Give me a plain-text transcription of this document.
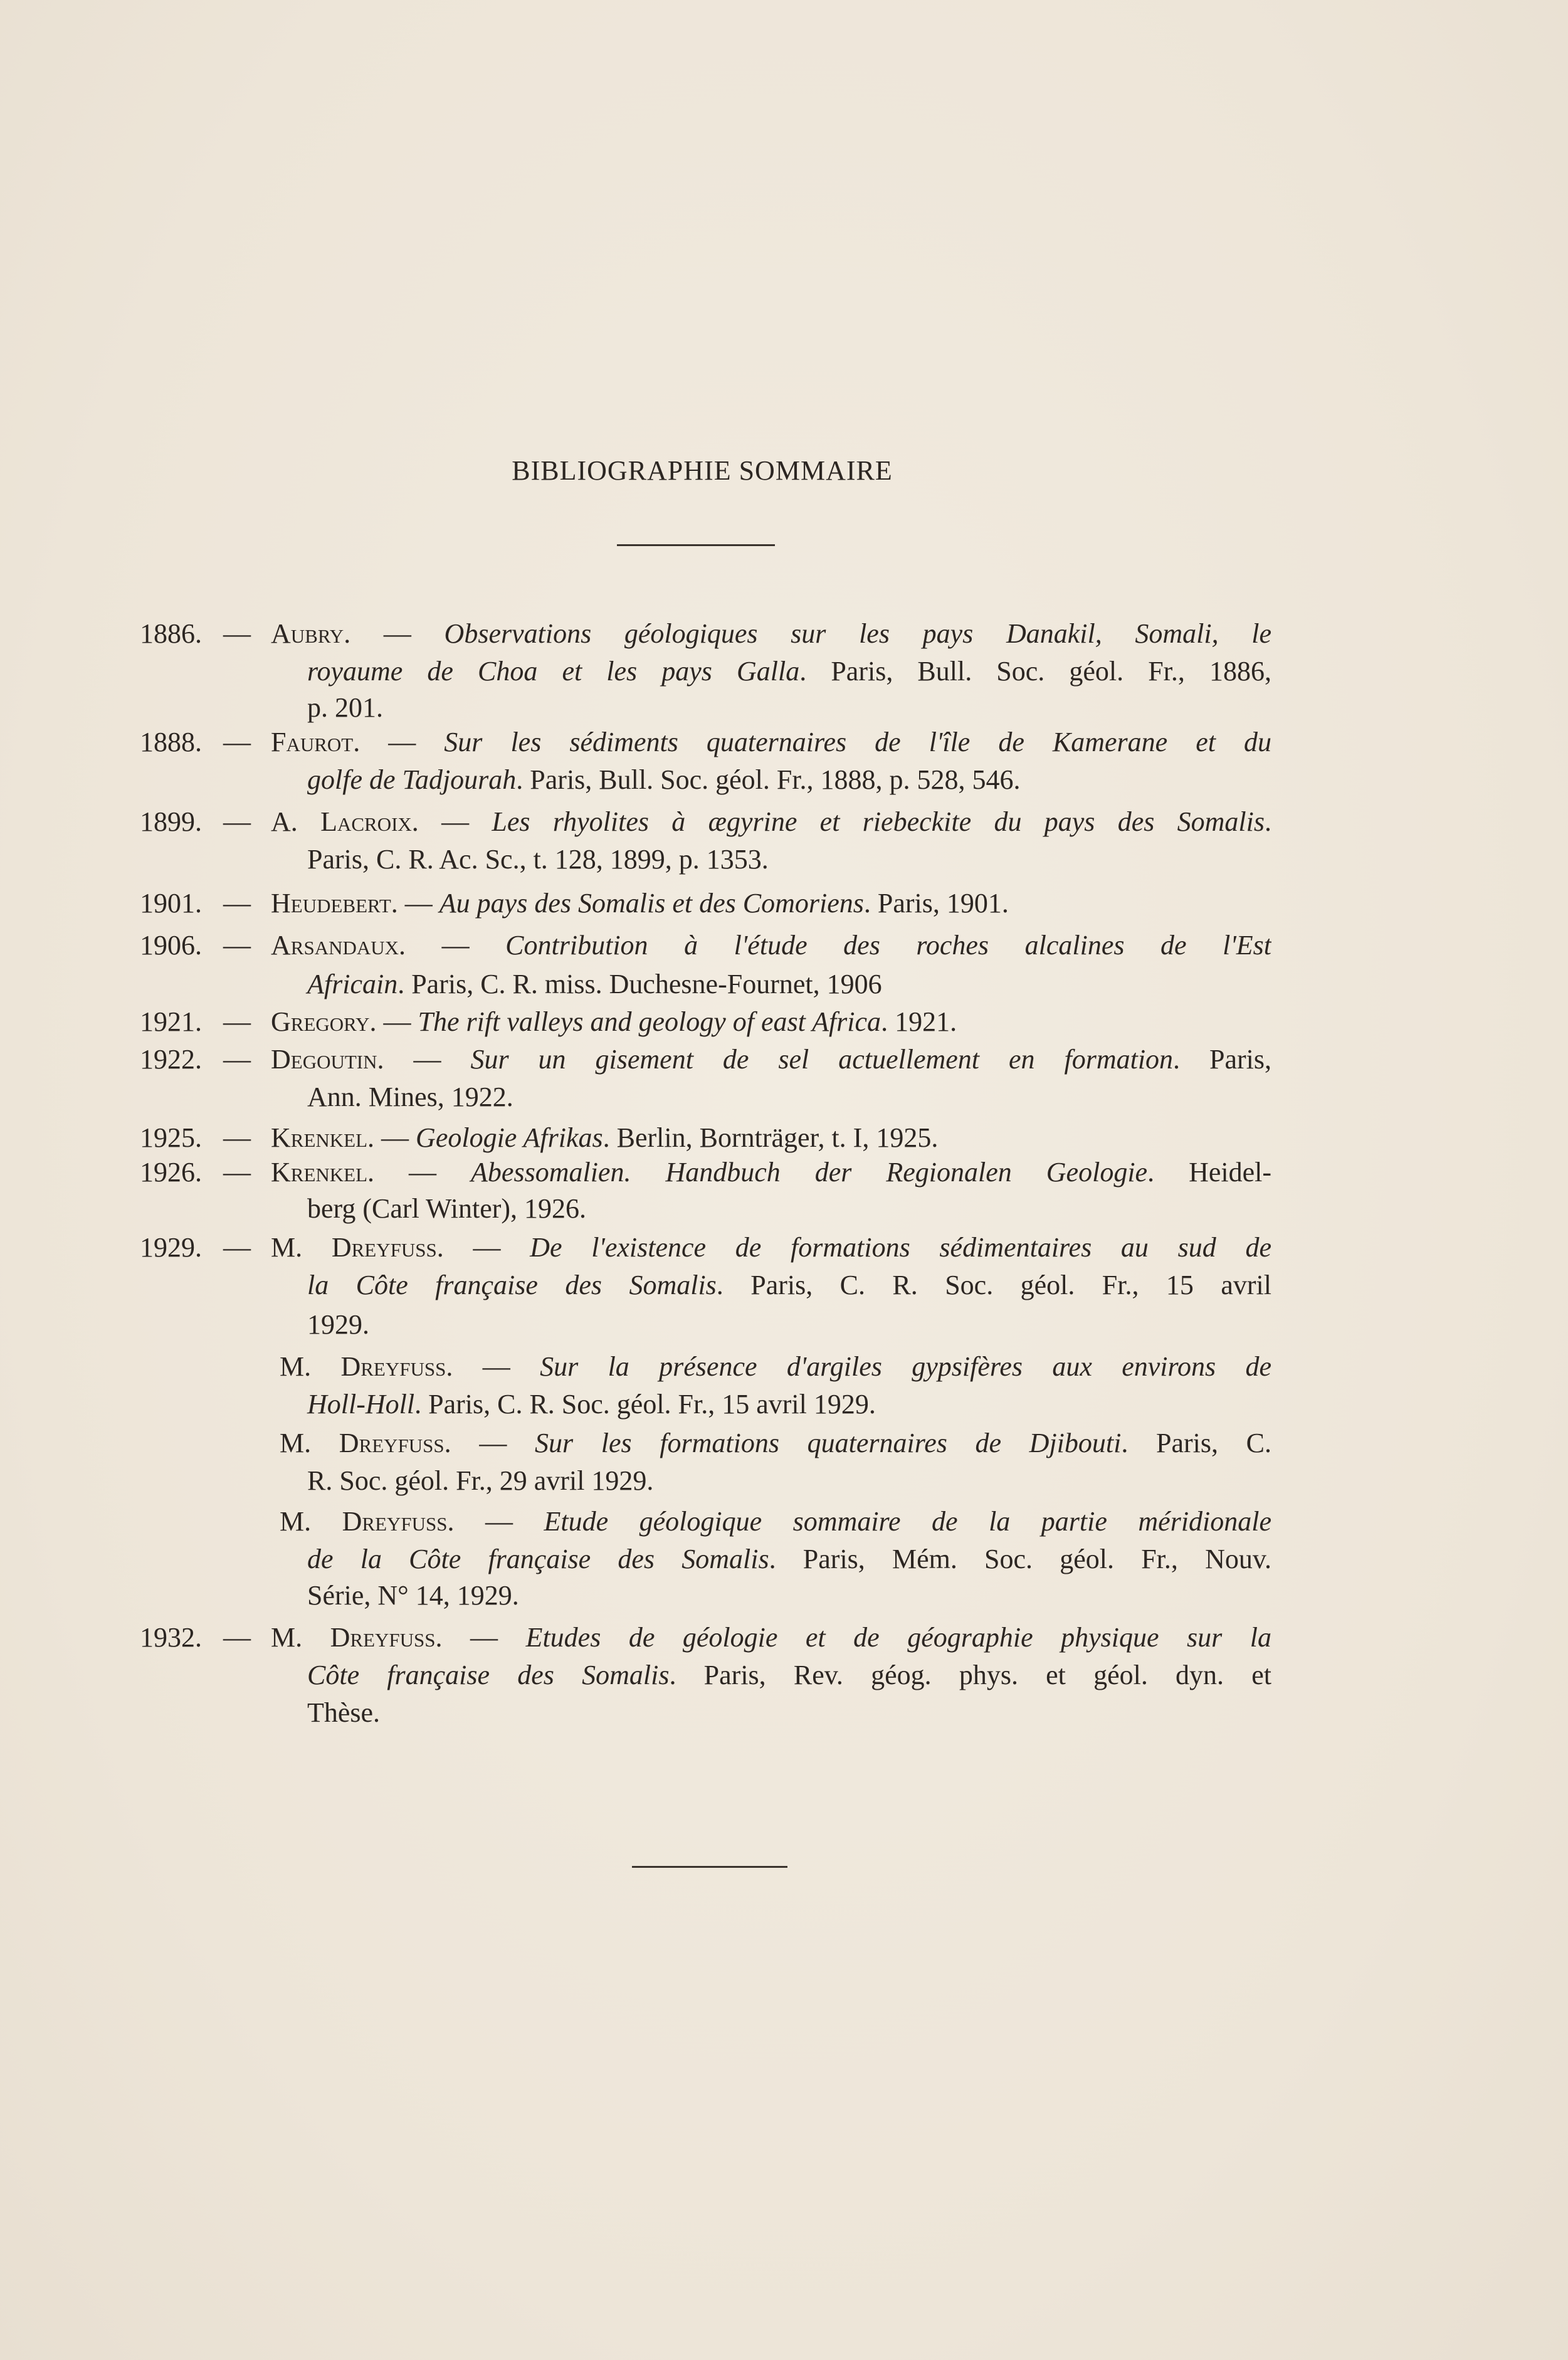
BIBLIOGRAPHIE SOMMAIRE
1886. — Aubry. — Observations géologiques sur les pays Danakil, Somali, le
royaume de Choa et les pays Galla. Paris, Bull. Soc. géol. Fr., 1886,
p. 201.
1888. — Faurot. — Sur les sédiments quaternaires de l'île de Kamerane et du
golfe de Tadjourah. Paris, Bull. Soc. géol. Fr., 1888, p. 528, 546.
1899. — A. Lacroix. — Les rhyolites à ægyrine et riebeckite du pays des Somalis.
Paris, C. R. Ac. Sc., t. 128, 1899, p. 1353.
1901. — Heudebert. — Au pays des Somalis et des Comoriens. Paris, 1901.
1906. — Arsandaux. — Contribution à l'étude des roches alcalines de l'Est
Africain. Paris, C. R. miss. Duchesne-Fournet, 1906
1921. — Gregory. — The rift valleys and geology of east Africa. 1921.
1922. — Degoutin. — Sur un gisement de sel actuellement en formation. Paris,
Ann. Mines, 1922.
1925. — Krenkel. — Geologie Afrikas. Berlin, Bornträger, t. I, 1925.
1926. — Krenkel. — Abessomalien. Handbuch der Regionalen Geologie. Heidel-
berg (Carl Winter), 1926.
1929. — M. Dreyfuss. — De l'existence de formations sédimentaires au sud de
la Côte française des Somalis. Paris, C. R. Soc. géol. Fr., 15 avril
1929.
M. Dreyfuss. — Sur la présence d'argiles gypsifères aux environs de
Holl-Holl. Paris, C. R. Soc. géol. Fr., 15 avril 1929.
M. Dreyfuss. — Sur les formations quaternaires de Djibouti. Paris, C.
R. Soc. géol. Fr., 29 avril 1929.
M. Dreyfuss. — Etude géologique sommaire de la partie méridionale
de la Côte française des Somalis. Paris, Mém. Soc. géol. Fr., Nouv.
Série, N° 14, 1929.
1932. — M. Dreyfuss. — Etudes de géologie et de géographie physique sur la
Côte française des Somalis. Paris, Rev. géog. phys. et géol. dyn. et
Thèse.
